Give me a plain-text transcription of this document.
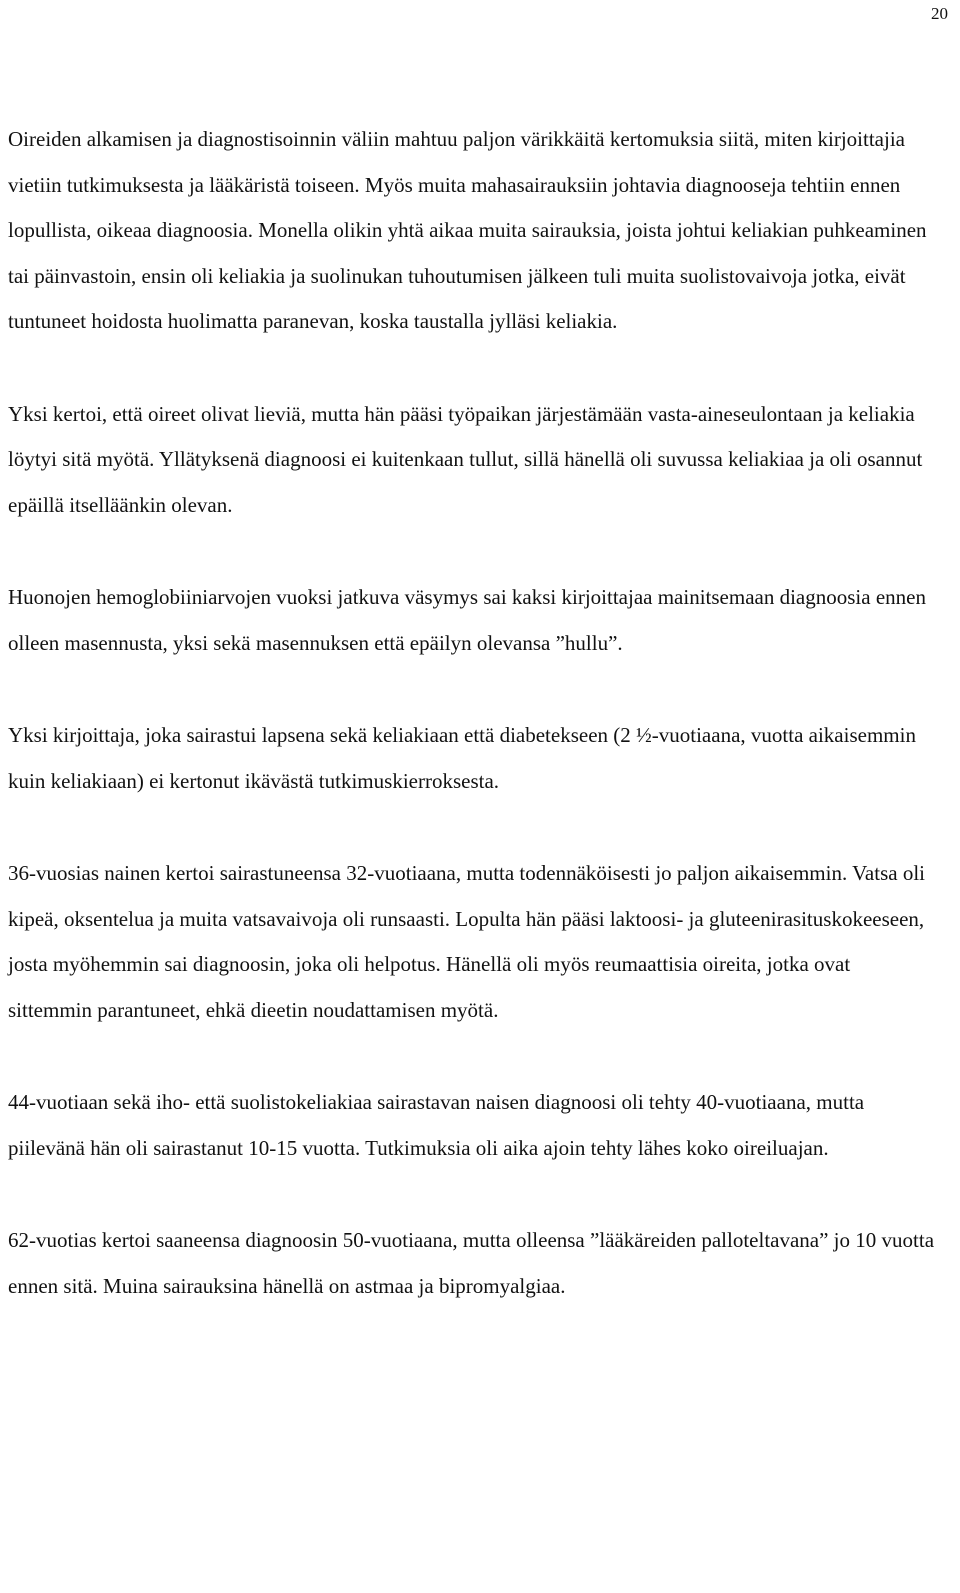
20

Oireiden alkamisen ja diagnostisoinnin väliin mahtuu paljon värikkäitä kertomuksia siitä, miten kirjoittajia vietiin tutkimuksesta ja lääkäristä toiseen. Myös muita mahasairauksiin johtavia diagnooseja tehtiin ennen lopullista, oikeaa diagnoosia. Monella olikin yhtä aikaa muita sairauksia, joista johtui keliakian puhkeaminen tai päinvastoin, ensin oli keliakia ja suolinukan tuhoutumisen jälkeen tuli muita suolistovaivoja jotka, eivät tuntuneet hoidosta huolimatta paranevan, koska taustalla jylläsi keliakia.

Yksi kertoi, että oireet olivat lieviä, mutta hän pääsi työpaikan järjestämään vasta-aineseulontaan ja keliakia löytyi sitä myötä. Yllätyksenä diagnoosi ei kuitenkaan tullut, sillä hänellä oli suvussa keliakiaa ja oli osannut epäillä itselläänkin olevan.

Huonojen hemoglobiiniarvojen vuoksi jatkuva väsymys sai kaksi kirjoittajaa mainitsemaan diagnoosia ennen olleen masennusta, yksi sekä masennuksen että epäilyn olevansa ”hullu”.

Yksi kirjoittaja, joka sairastui lapsena sekä keliakiaan että diabetekseen (2 ½-vuotiaana, vuotta aikaisemmin kuin keliakiaan) ei kertonut ikävästä tutkimuskierroksesta.

36-vuosias nainen kertoi sairastuneensa 32-vuotiaana, mutta todennäköisesti jo paljon aikaisemmin. Vatsa oli kipeä, oksentelua ja muita vatsavaivoja oli runsaasti. Lopulta hän pääsi laktoosi- ja gluteenirasituskokeeseen, josta myöhemmin sai diagnoosin, joka oli helpotus. Hänellä oli myös reumaattisia oireita, jotka ovat sittemmin parantuneet, ehkä dieetin noudattamisen myötä.

44-vuotiaan sekä iho- että suolistokeliakiaa sairastavan naisen diagnoosi oli tehty 40-vuotiaana, mutta piilevänä hän oli sairastanut 10-15 vuotta. Tutkimuksia oli aika ajoin tehty lähes koko oireiluajan.

62-vuotias kertoi saaneensa diagnoosin 50-vuotiaana, mutta olleensa ”lääkäreiden palloteltavana” jo 10 vuotta ennen sitä. Muina sairauksina hänellä on astmaa ja bipromyalgiaa.
